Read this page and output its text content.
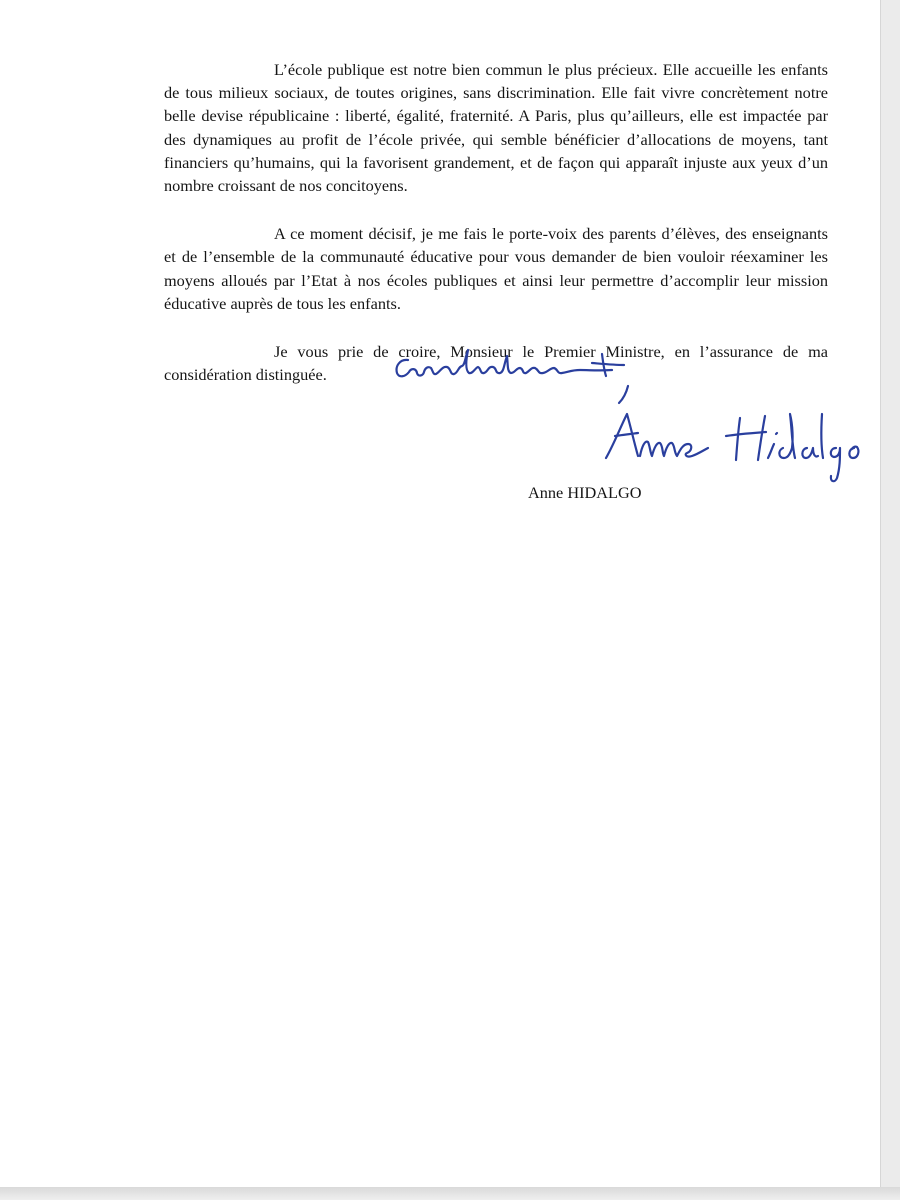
L’école publique est notre bien commun le plus précieux. Elle accueille les enfants de tous milieux sociaux, de toutes origines, sans discrimination. Elle fait vivre concrètement notre belle devise républicaine : liberté, égalité, fraternité. A Paris, plus qu’ailleurs, elle est impactée par des dynamiques au profit de l’école privée, qui semble bénéficier d’allocations de moyens, tant financiers qu’humains, qui la favorisent grandement, et de façon qui apparaît injuste aux yeux d’un nombre croissant de nos concitoyens.

A ce moment décisif, je me fais le porte-voix des parents d’élèves, des enseignants et de l’ensemble de la communauté éducative pour vous demander de bien vouloir réexaminer les moyens alloués par l’Etat à nos écoles publiques et ainsi leur permettre d’accomplir leur mission éducative auprès de tous les enfants.

Je vous prie de croire, Monsieur le Premier Ministre, en l’assurance de ma considération distinguée.

Anne HIDALGO
